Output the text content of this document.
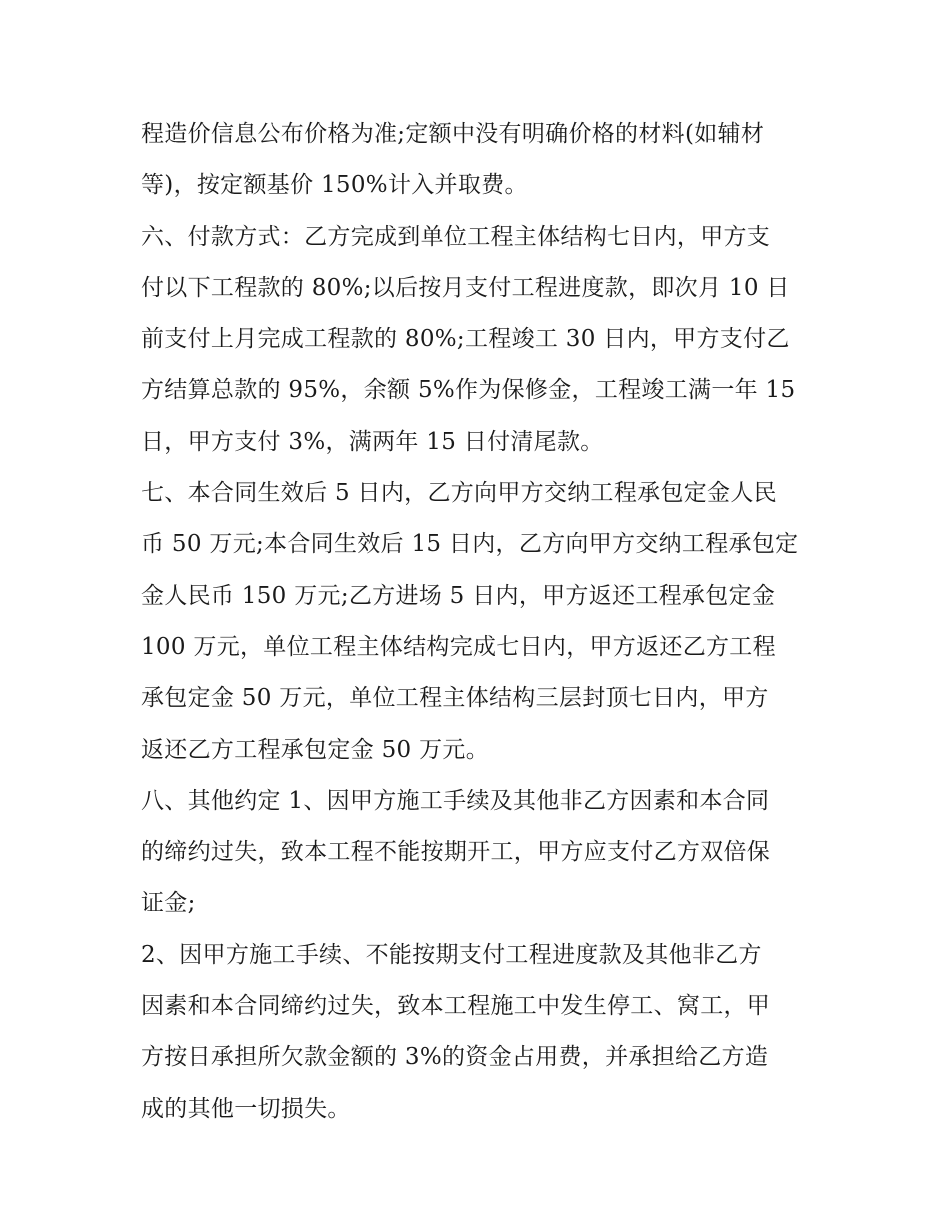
程造价信息公布价格为准;定额中没有明确价格的材料(如辅材
等)，按定额基价 150%计入并取费。

六、付款方式：乙方完成到单位工程主体结构七日内，甲方支
付以下工程款的 80%;以后按月支付工程进度款，即次月 10 日
前支付上月完成工程款的 80%;工程竣工 30 日内，甲方支付乙
方结算总款的 95%，余额 5%作为保修金，工程竣工满一年 15
日，甲方支付 3%，满两年 15 日付清尾款。

七、本合同生效后 5 日内，乙方向甲方交纳工程承包定金人民
币 50 万元;本合同生效后 15 日内，乙方向甲方交纳工程承包定
金人民币 150 万元;乙方进场 5 日内，甲方返还工程承包定金
100 万元，单位工程主体结构完成七日内，甲方返还乙方工程
承包定金 50 万元，单位工程主体结构三层封顶七日内，甲方
返还乙方工程承包定金 50 万元。

八、其他约定 1、因甲方施工手续及其他非乙方因素和本合同
的缔约过失，致本工程不能按期开工，甲方应支付乙方双倍保
证金;

2、因甲方施工手续、不能按期支付工程进度款及其他非乙方
因素和本合同缔约过失，致本工程施工中发生停工、窝工，甲
方按日承担所欠款金额的 3%的资金占用费，并承担给乙方造
成的其他一切损失。
